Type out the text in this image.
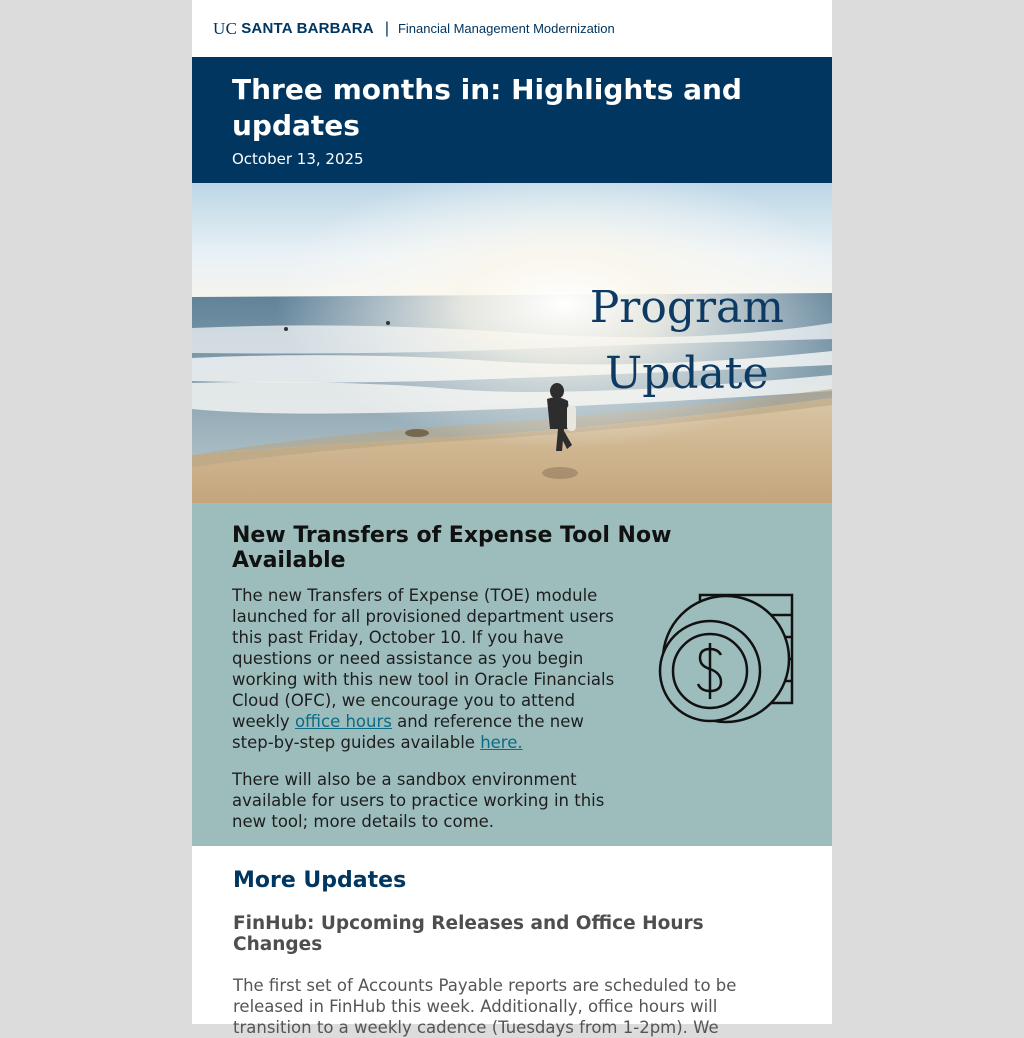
UC SANTA BARBARA | Financial Management Modernization
Three months in: Highlights and updates
October 13, 2025
Program
Update
New Transfers of Expense Tool Now Available

The new Transfers of Expense (TOE) module launched for all provisioned department users this past Friday, October 10. If you have questions or need assistance as you begin working with this new tool in Oracle Financials Cloud (OFC), we encourage you to attend weekly office hours and reference the new step-by-step guides available here.

There will also be a sandbox environment available for users to practice working in this new tool; more details to come.

More Updates
FinHub: Upcoming Releases and Office Hours Changes

The first set of Accounts Payable reports are scheduled to be released in FinHub this week. Additionally, office hours will transition to a weekly cadence (Tuesdays from 1-2pm). We
